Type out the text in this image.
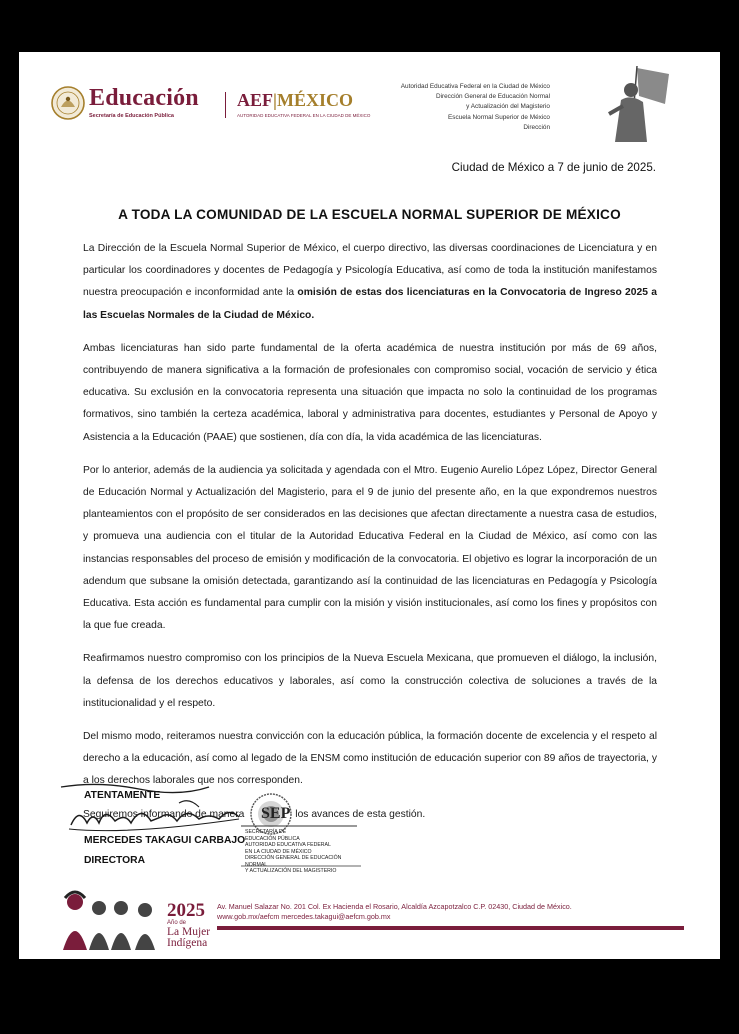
Educación
Secretaría de Educación Pública
AEF|MÉXICO
AUTORIDAD EDUCATIVA FEDERAL EN LA CIUDAD DE MÉXICO
Autoridad Educativa Federal en la Ciudad de México
Dirección General de Educación Normal
y Actualización del Magisterio
Escuela Normal Superior de México
Dirección
Ciudad de México a 7 de junio de 2025.
A TODA LA COMUNIDAD DE LA ESCUELA NORMAL SUPERIOR DE MÉXICO

La Dirección de la Escuela Normal Superior de México, el cuerpo directivo, las diversas coordinaciones de Licenciatura y en particular los coordinadores y docentes de Pedagogía y Psicología Educativa, así como de toda la institución manifestamos nuestra preocupación e inconformidad ante la omisión de estas dos licenciaturas en la Convocatoria de Ingreso 2025 a las Escuelas Normales de la Ciudad de México.

Ambas licenciaturas han sido parte fundamental de la oferta académica de nuestra institución por más de 69 años, contribuyendo de manera significativa a la formación de profesionales con compromiso social, vocación de servicio y ética educativa. Su exclusión en la convocatoria representa una situación que impacta no solo la continuidad de los programas formativos, sino también la certeza académica, laboral y administrativa para docentes, estudiantes y Personal de Apoyo y Asistencia a la Educación (PAAE) que sostienen, día con día, la vida académica de las licenciaturas.

Por lo anterior, además de la audiencia ya solicitada y agendada con el Mtro. Eugenio Aurelio López López, Director General de Educación Normal y Actualización del Magisterio, para el 9 de junio del presente año, en la que expondremos nuestros planteamientos con el propósito de ser considerados en las decisiones que afectan directamente a nuestra casa de estudios, y promueva una audiencia con el titular de la Autoridad Educativa Federal en la Ciudad de México, así como con las instancias responsables del proceso de emisión y modificación de la convocatoria. El objetivo es lograr la incorporación de un adendum que subsane la omisión detectada, garantizando así la continuidad de las licenciaturas en Pedagogía y Psicología Educativa. Esta acción es fundamental para cumplir con la misión y visión institucionales, así como los fines y propósitos con la que fue creada.

Reafirmamos nuestro compromiso con los principios de la Nueva Escuela Mexicana, que promueven el diálogo, la inclusión, la defensa de los derechos educativos y laborales, así como la construcción colectiva de soluciones a través de la institucionalidad y el respeto.

Del mismo modo, reiteramos nuestra convicción con la educación pública, la formación docente de excelencia y el respeto al derecho a la educación, así como al legado de la ENSM como institución de educación superior con 89 años de trayectoria, y a los derechos laborales que nos corresponden.

Seguiremos informando de manera	los avances de esta gestión.

ATENTAMENTE
MERCEDES TAKAGUI CARBAJO
DIRECTORA
SEP
SECRETARÍA DE
EDUCACIÓN PÚBLICA
AUTORIDAD EDUCATIVA FEDERAL
EN LA CIUDAD DE MÉXICO
DIRECCIÓN GENERAL DE EDUCACIÓN NORMAL
Y ACTUALIZACIÓN DEL MAGISTERIO
2025
Año de
La Mujer
Indígena
Av. Manuel Salazar No. 201 Col. Ex Hacienda el Rosario, Alcaldía Azcapotzalco C.P. 02430, Ciudad de México.
www.gob.mx/aefcm mercedes.takagui@aefcm.gob.mx
